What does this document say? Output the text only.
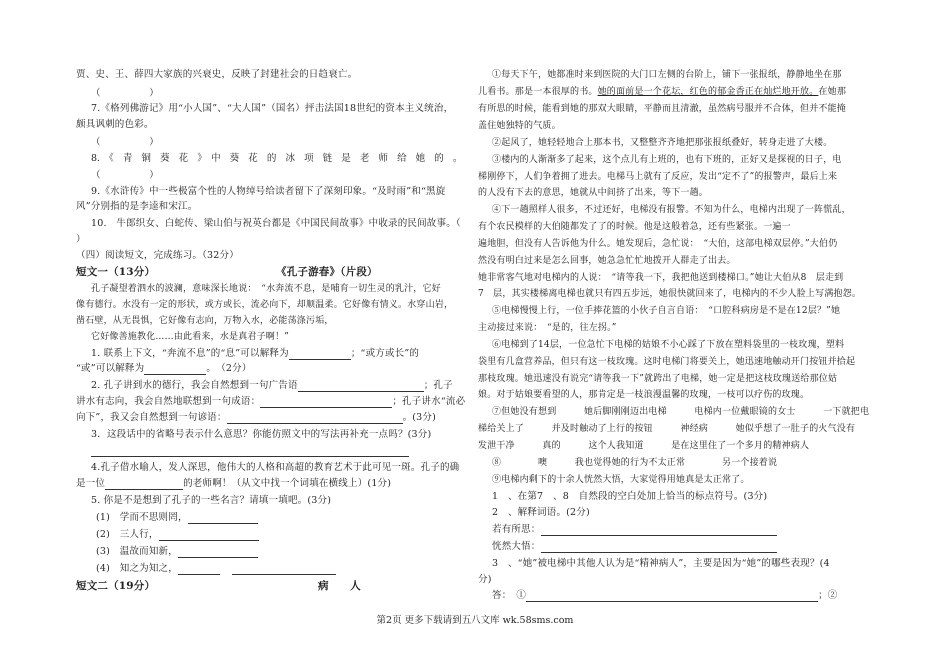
贾、史、王、薛四大家族的兴衰史，反映了封建社会的日趋衰亡。
（　　　　　）
7.《格列佛游记》用“小人国”、“大人国”（国名）抨击法国18世纪的资本主义统治，
颇具讽刺的色彩。
（　　　　　）
8.　《　青　铜　葵　花　》　中　葵　花　的　冰　项　链　是　老　师　给　她　的　。
（　　　　　）
9.《水浒传》中一些极富个性的人物绰号给读者留下了深刻印象。“及时雨”和“黑旋
风”分别指的是李逵和宋江。
10.　牛郎织女、白蛇传、梁山伯与祝英台都是《中国民间故事》中收录的民间故事。（
）
（四）阅读短文，完成练习。（32分）
短文一（13分）	《孔子游春》（片段）
孔子凝望着泗水的波澜，意味深长地说：　“水奔流不息，是哺育一切生灵的乳汁，它好
像有德行。水没有一定的形状，或方或长，流必向下，却顺温柔。它好像有情义。水穿山岩，
凿石壁，从无畏惧，它好像有志向，万物入水，必能荡涤污垢，
它好像善施教化……由此看来，水是真君子啊！”
1. 联系上下文，“奔流不息”的“息”可以解释为	；“或方或长”的
“或”可以解释为	。　（2分）
2. 孔子讲到水的德行，我会自然想到一句广告语	；孔子
讲水有志向，我会自然地联想到一句成语：	；孔子讲水“流必
向下”，我又会自然想到一句谚语：	。(3分)
3．这段话中的省略号表示什么意思？你能仿照文中的写法再补充一点吗？(3分)
4.孔子借水喻人，发人深思，他伟大的人格和高超的教育艺术于此可见一斑。孔子的确
是一位	的老师啊！（从文中找一个词填在横线上）(1分)
5. 你是不是想到了孔子的一些名言？请填一填吧。(3分)
(1)　学而不思则罔，
(2)　三人行，
(3)　温故而知新，
(4)　知之为知之，
短文二（19分）	病　　人
①每天下午，她都准时来到医院的大门口左侧的台阶上，铺下一张报纸，静静地坐在那
儿看书。那是一本很厚的书。她的面前是一个花坛，红色的郁金香正在灿烂地开放。在她那
有所思的时候，能看到她的那双大眼睛，平静而且清澈，虽然病号服并不合体，但并不能掩
盖住她独特的气质。
②起风了，她轻轻地合上那本书，又整整齐齐地把那张报纸叠好，转身走进了大楼。
③楼内的人渐渐多了起来，这个点儿有上班的，也有下班的，正好又是探视的日子，电
梯刚停下，人们争着拥了进去。电梯马上就有了反应，发出“定不了”的报警声，最后上来
的人没有下去的意思，她就从中间挤了出来，等下一趟。
④下一趟照样人很多，不过还好，电梯没有报警。不知为什么，电梯内出现了一阵慌乱，
有个农民模样的大伯随都发了了的时候。他是这般着急，还有些紧张。一遍一
遍地胆，但没有人告诉他为什么。她发现后，急忙说：　“大伯，这部电梯双层停。”大伯仍
然没有明白过来是怎么回事，她急急忙忙地拨开人群走了出去。
她非常客气地对电梯内的人说：　“请等我一下，我把他送到楼梯口。”她让大伯从8　层走到
7　层，其实楼梯离电梯也就只有四五步远，她很快就回来了，电梯内的不少人脸上写满抱怨。
⑤电梯慢慢上行，一位手捧花篮的小伙子自言自语：　“口腔科病房是不是在12层？”她
主动接过来说：　“是的，往左拐。”
⑥电梯到了14层，一位急忙下电梯的姑娘不小心踩了下放在塑料袋里的一枝玫瑰，塑料
袋里有几盒营养品，但只有这一枝玫瑰。这时电梯门将要关上，她迅速地触动开门按钮并拾起
那枝玫瑰。她迅速没有说完“请等我一下”就跨出了电梯，她一定是把这枝玫瑰送给那位姑
娘。对于姑娘要看望的人，那肯定是一枝浪漫温馨的玫瑰，一枝可以疗伤的玫瑰。
⑦但她没有想到　　　她后脚刚刚迈出电梯　　　电梯内一位戴眼镜的女士　　　一下就把电
梯给关上了　　　并及时触动了上行的按钮　　　神经病　　　她似乎想了一肚子的火气没有
发泄干净　　　真的　　　这个人我知道　　　是在这里住了一个多月的精神病人
⑧　　　　噢　　　我也觉得她的行为不太正常　　　　另一个接着说
⑨电梯内剩下的十余人恍然大悟，大家觉得用她真是太正常了。
1　、在第7　、8　自然段的空白处加上恰当的标点符号。(3分)
2　、解释词语。(2分)
若有所思：
恍然大悟：
3　、“她”被电梯中其他人认为是“精神病人”，主要是因为“她”的哪些表现？(4
分)
答：　①	；②
第2页 更多下载请到五八文库 wk.58sms.com
